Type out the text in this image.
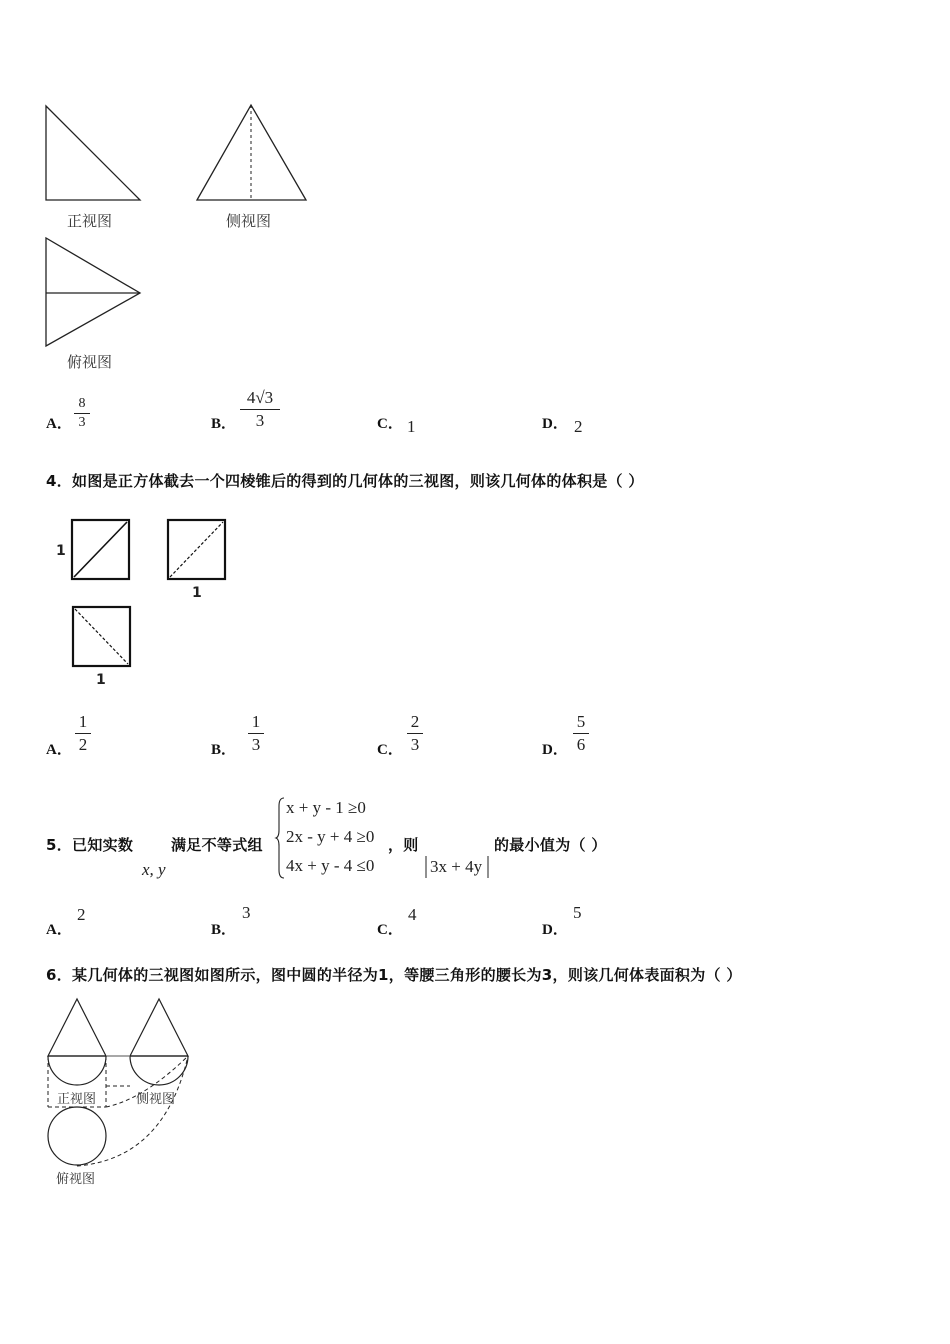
正视图	侧视图
俯视图
A．
8
3	B．
4√3
3	C． 1	D． 2
4．如图是正方体截去一个四棱锥后的得到的几何体的三视图，则该几何体的体积是（ ）
1
1
1
A．
1
2	B．
1
3	C．
2
3	D．
5
6
5．已知实数
x, y
满足不等式组
x + y - 1 ≥0
2x - y + 4 ≥0
4x + y - 4 ≤0
，则
3x + 4y
的最小值为（ ）
A．
2
B．
3
C．
4
D．
5
6．某几何体的三视图如图所示，图中圆的半径为1，等腰三角形的腰长为3，则该几何体表面积为（ ）
正视图	侧视图
俯视图
